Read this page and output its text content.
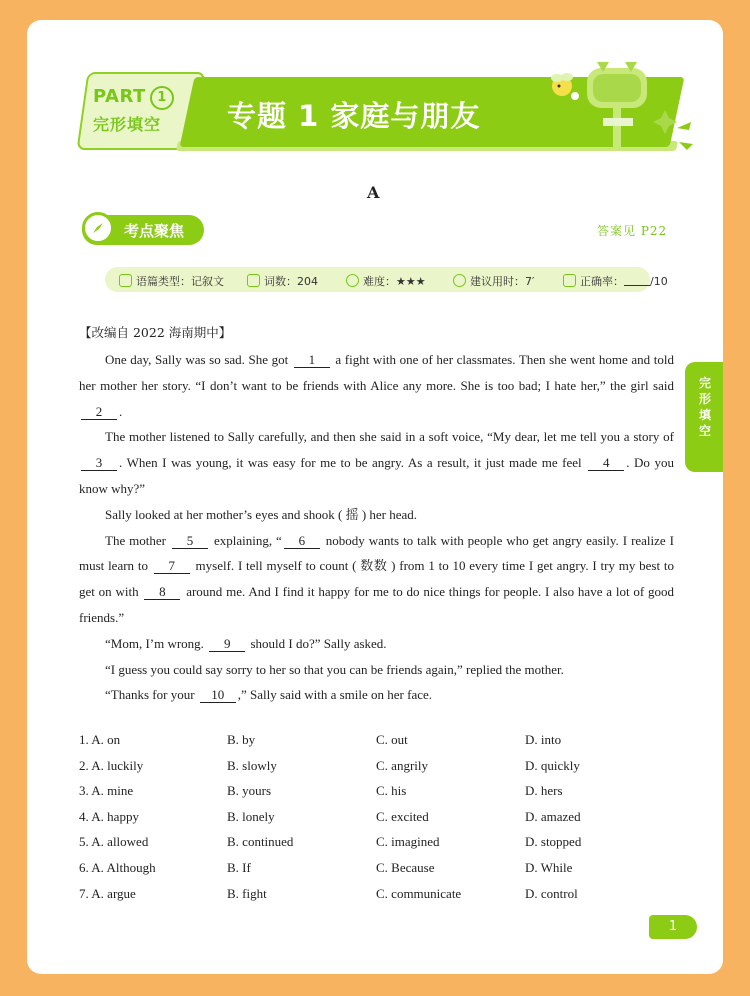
PART 1
完形填空	专题 1 家庭与朋友
A
考点聚焦	答案见 P22
语篇类型：记叙文	词数：204	难度：★★★	建议用时：7′	正确率： /10
【改编自 2022 海南期中】

One day, Sally was so sad. She got 1 a fight with one of her classmates. Then she went home and told her mother her story. “I don’t want to be friends with Alice any more. She is too bad; I hate her,” the girl said 2 .

The mother listened to Sally carefully, and then she said in a soft voice, “My dear, let me tell you a story of 3 . When I was young, it was easy for me to be angry. As a result, it just made me feel 4 . Do you know why?”

Sally looked at her mother’s eyes and shook ( 摇 ) her head.

The mother 5 explaining, “ 6 nobody wants to talk with people who get angry easily. I realize I must learn to 7 myself. I tell myself to count ( 数数 ) from 1 to 10 every time I get angry. I try my best to get on with 8 around me. And I find it happy for me to do nice things for people. I also have a lot of good friends.”

“Mom, I’m wrong. 9 should I do?” Sally asked.

“I guess you could say sorry to her so that you can be friends again,” replied the mother.

“Thanks for your 10 ,” Sally said with a smile on her face.

完形填空
1. A. on	B. by	C. out	D. into
2. A. luckily	B. slowly	C. angrily	D. quickly
3. A. mine	B. yours	C. his	D. hers
4. A. happy	B. lonely	C. excited	D. amazed
5. A. allowed	B. continued	C. imagined	D. stopped
6. A. Although	B. If	C. Because	D. While
7. A. argue	B. fight	C. communicate	D. control
1
